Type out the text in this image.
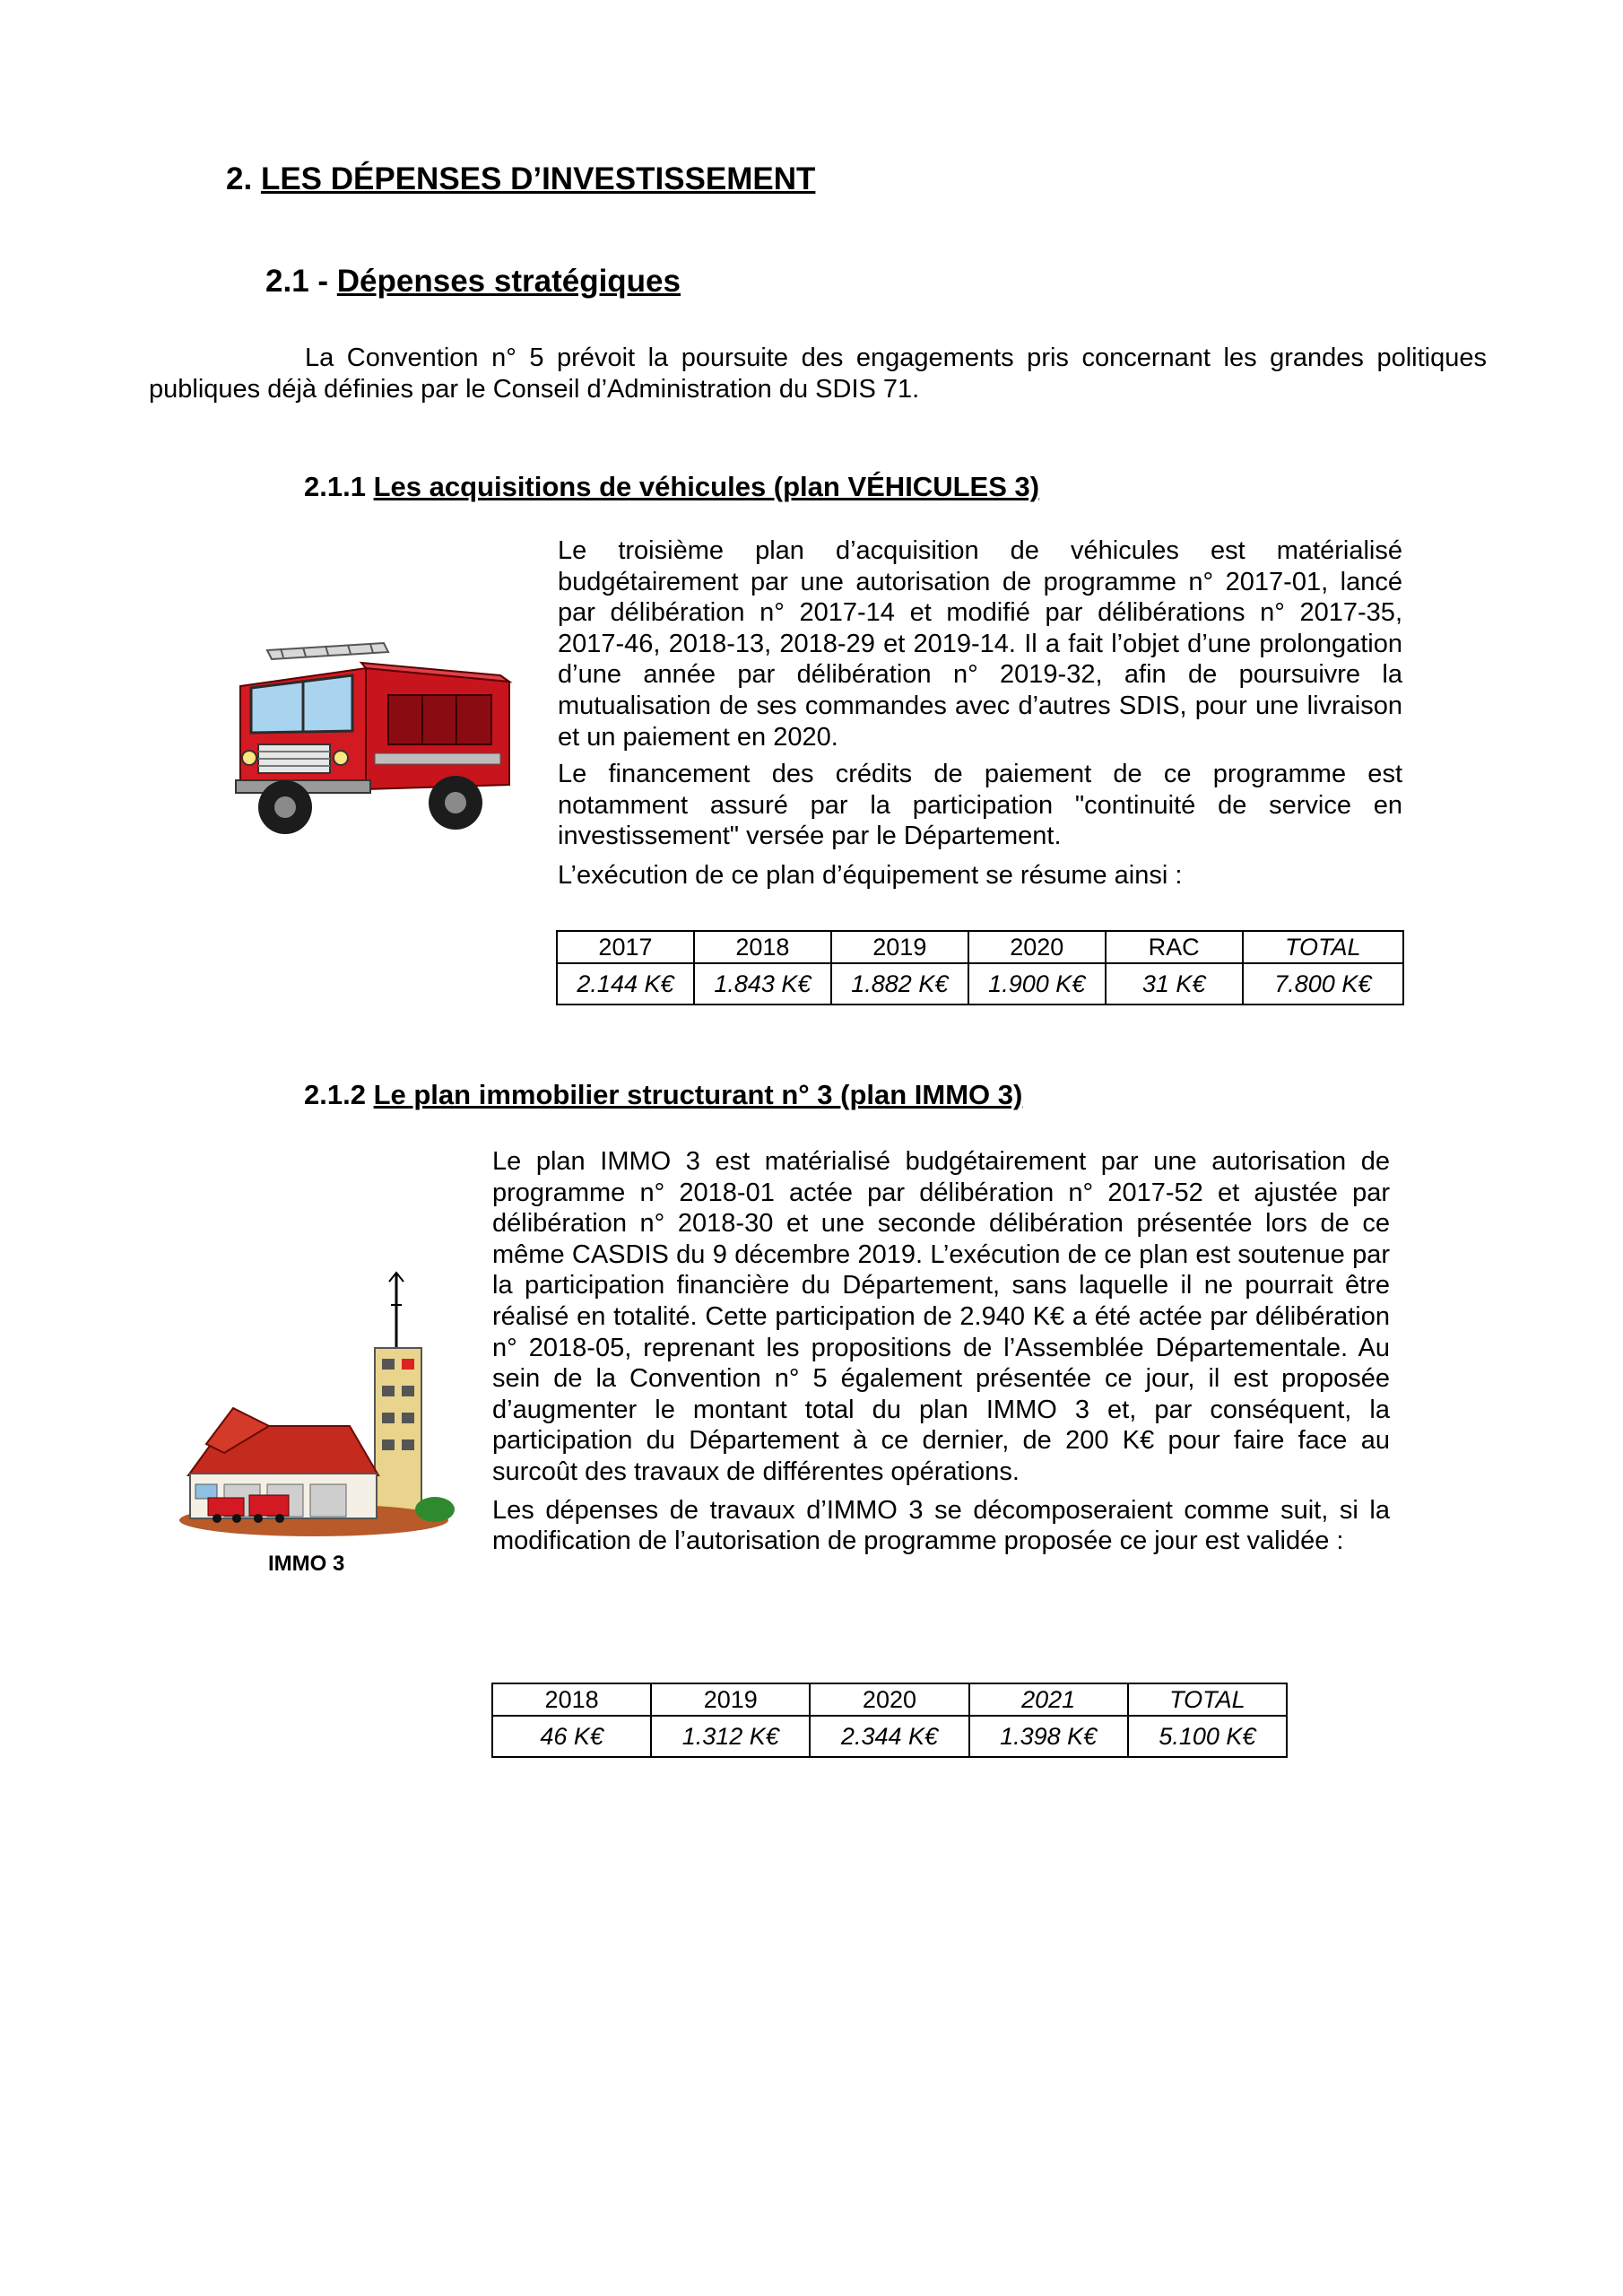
2. LES DÉPENSES D’INVESTISSEMENT
2.1 - Dépenses stratégiques

La Convention n° 5 prévoit la poursuite des engagements pris concernant les grandes politiques publiques déjà définies par le Conseil d’Administration du SDIS 71.

2.1.1 Les acquisitions de véhicules (plan VÉHICULES 3)

Le troisième plan d’acquisition de véhicules est matérialisé budgétairement par une autorisation de programme n° 2017-01, lancé par délibération n° 2017-14 et modifié par délibérations n° 2017-35, 2017-46, 2018-13, 2018-29 et 2019-14. Il a fait l’objet d’une prolongation d’une année par délibération n° 2019-32, afin de poursuivre la mutualisation de ses commandes avec d’autres SDIS, pour une livraison et un paiement en 2020.

Le financement des crédits de paiement de ce programme est notamment assuré par la participation "continuité de service en investissement" versée par le Département.

L’exécution de ce plan d’équipement se résume ainsi :

2017	2018	2019	2020	RAC	TOTAL
2.144 K€	1.843 K€	1.882 K€	1.900 K€	31 K€	7.800 K€
2.1.2 Le plan immobilier structurant n° 3 (plan IMMO 3)
IMMO 3

Le plan IMMO 3 est matérialisé budgétairement par une autorisation de programme n° 2018-01 actée par délibération n° 2017-52 et ajustée par délibération n° 2018-30 et une seconde délibération présentée lors de ce même CASDIS du 9 décembre 2019. L’exécution de ce plan est soutenue par la participation financière du Département, sans laquelle il ne pourrait être réalisé en totalité. Cette participation de 2.940 K€ a été actée par délibération n° 2018-05, reprenant les propositions de l’Assemblée Départementale. Au sein de la Convention n° 5 également présentée ce jour, il est proposée d’augmenter le montant total du plan IMMO 3 et, par conséquent, la participation du Département à ce dernier, de 200 K€ pour faire face au surcoût des travaux de différentes opérations.

Les dépenses de travaux d’IMMO 3 se décomposeraient comme suit, si la modification de l’autorisation de programme proposée ce jour est validée :

2018	2019	2020	2021	TOTAL
46 K€	1.312 K€	2.344 K€	1.398 K€	5.100 K€
